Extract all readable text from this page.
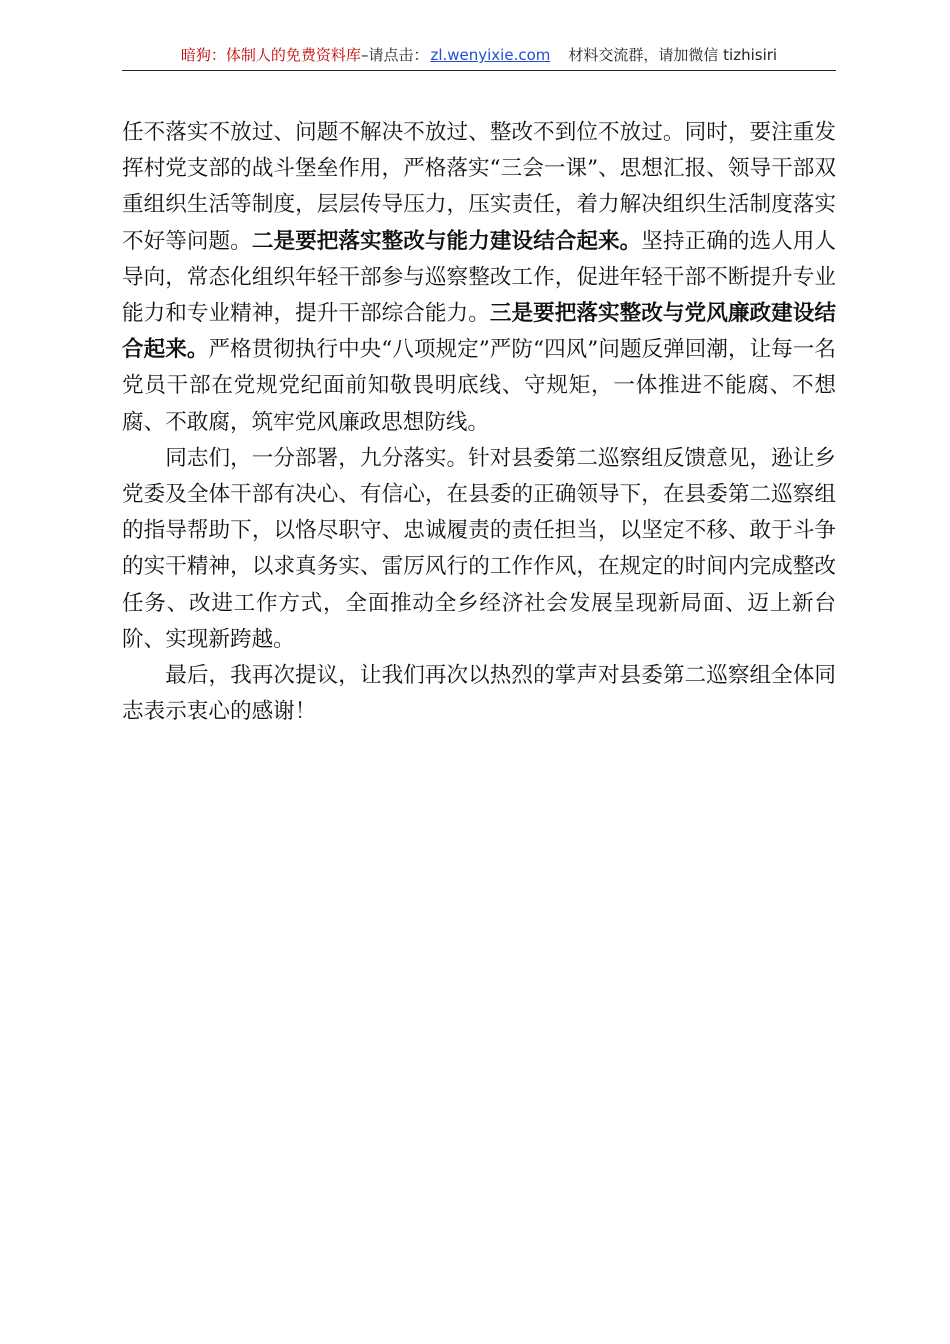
暗狗：体制人的免费资料库–请点击： zl.wenyixie.com 材料交流群，请加微信 tizhisiri

任不落实不放过、问题不解决不放过、整改不到位不放过。同时，要注重发挥村党支部的战斗堡垒作用，严格落实“三会一课”、思想汇报、领导干部双重组织生活等制度，层层传导压力，压实责任，着力解决组织生活制度落实不好等问题。二是要把落实整改与能力建设结合起来。坚持正确的选人用人导向，常态化组织年轻干部参与巡察整改工作，促进年轻干部不断提升专业能力和专业精神，提升干部综合能力。三是要把落实整改与党风廉政建设结合起来。严格贯彻执行中央“八项规定”严防“四风”问题反弹回潮，让每一名党员干部在党规党纪面前知敬畏明底线、守规矩，一体推进不能腐、不想腐、不敢腐，筑牢党风廉政思想防线。

同志们，一分部署，九分落实。针对县委第二巡察组反馈意见，逊让乡党委及全体干部有决心、有信心，在县委的正确领导下，在县委第二巡察组的指导帮助下，以恪尽职守、忠诚履责的责任担当，以坚定不移、敢于斗争的实干精神，以求真务实、雷厉风行的工作作风，在规定的时间内完成整改任务、改进工作方式，全面推动全乡经济社会发展呈现新局面、迈上新台阶、实现新跨越。

最后，我再次提议，让我们再次以热烈的掌声对县委第二巡察组全体同志表示衷心的感谢！
